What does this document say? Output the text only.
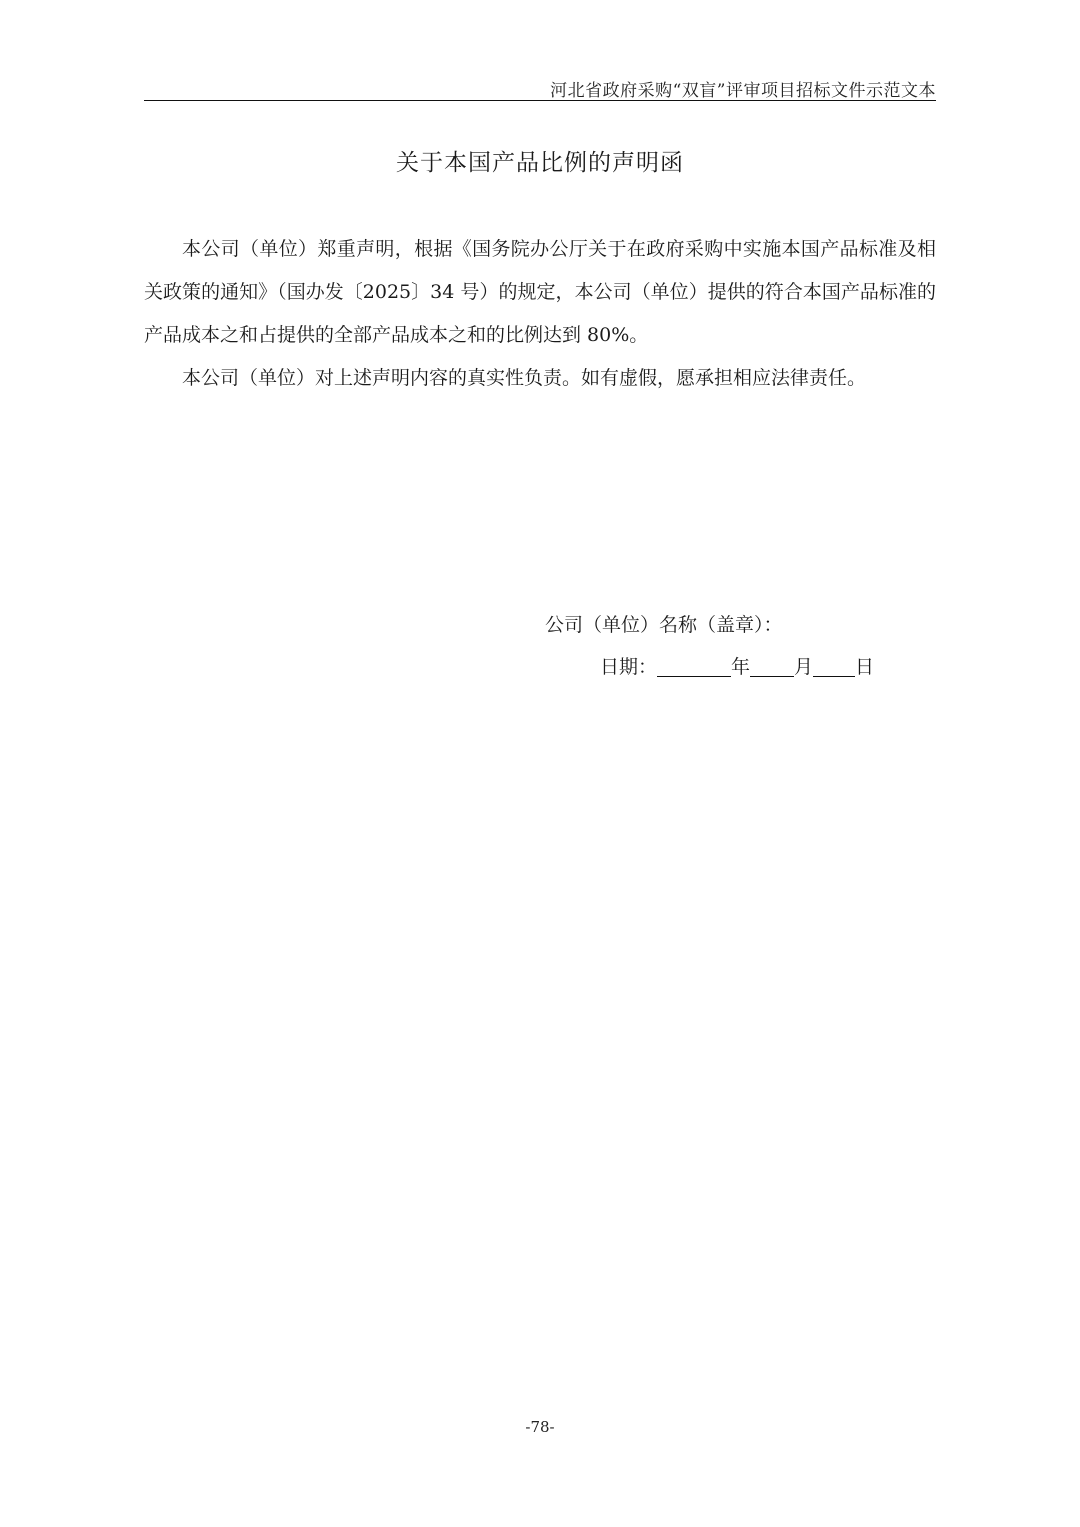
河北省政府采购“双盲”评审项目招标文件示范文本
关于本国产品比例的声明函

本公司（单位）郑重声明，根据《国务院办公厅关于在政府采购中实施本国产品标准及相关政策的通知》（国办发〔2025〕34 号）的规定，本公司（单位）提供的符合本国产品标准的产品成本之和占提供的全部产品成本之和的比例达到 80%。

本公司（单位）对上述声明内容的真实性负责。如有虚假，愿承担相应法律责任。

公司（单位）名称（盖章）：
日期：	年 月 日
-78-
